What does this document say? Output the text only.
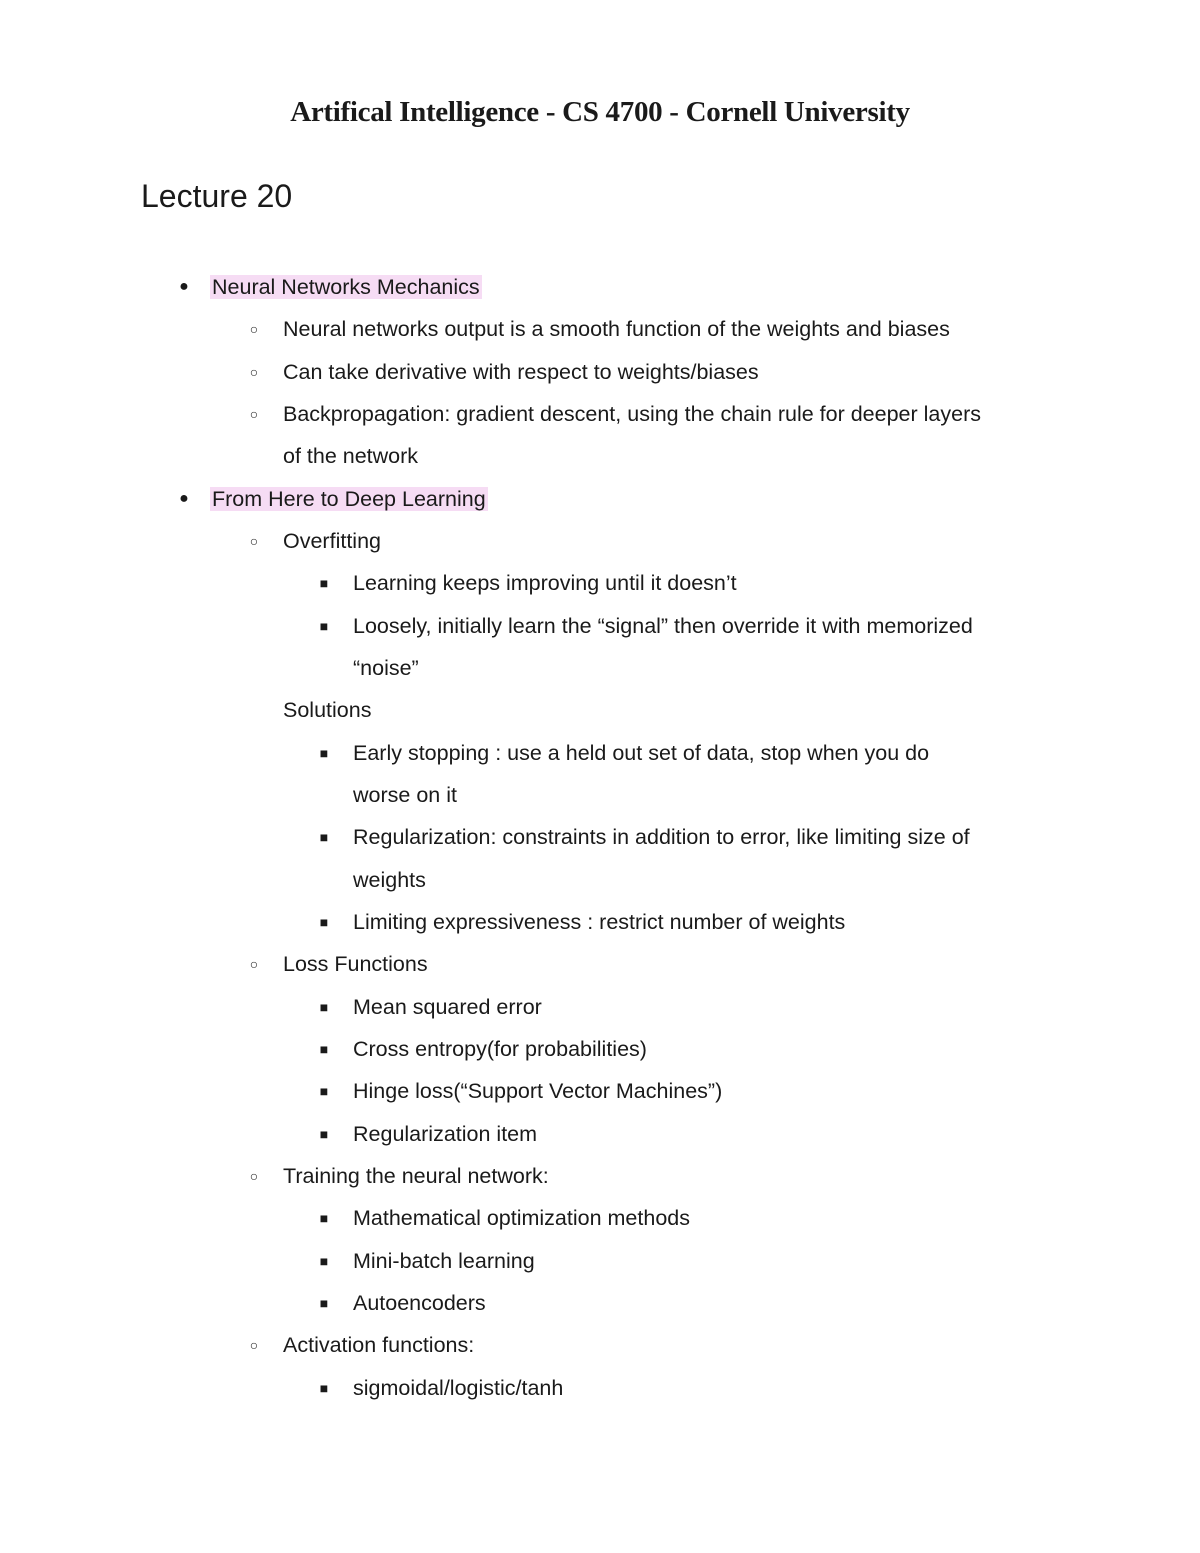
Artifical Intelligence - CS 4700 - Cornell University
Lecture 20
● Neural Networks Mechanics
○ Neural networks output is a smooth function of the weights and biases
○ Can take derivative with respect to weights/biases
○ Backpropagation: gradient descent, using the chain rule for deeper layers
of the network
● From Here to Deep Learning
○ Overfitting
■ Learning keeps improving until it doesn’t
■ Loosely, initially learn the “signal” then override it with memorized
“noise”
Solutions
■ Early stopping : use a held out set of data, stop when you do
worse on it
■ Regularization: constraints in addition to error, like limiting size of
weights
■ Limiting expressiveness : restrict number of weights
○ Loss Functions
■ Mean squared error
■ Cross entropy(for probabilities)
■ Hinge loss(“Support Vector Machines”)
■ Regularization item
○ Training the neural network:
■ Mathematical optimization methods
■ Mini-batch learning
■ Autoencoders
○ Activation functions:
■ sigmoidal/logistic/tanh
